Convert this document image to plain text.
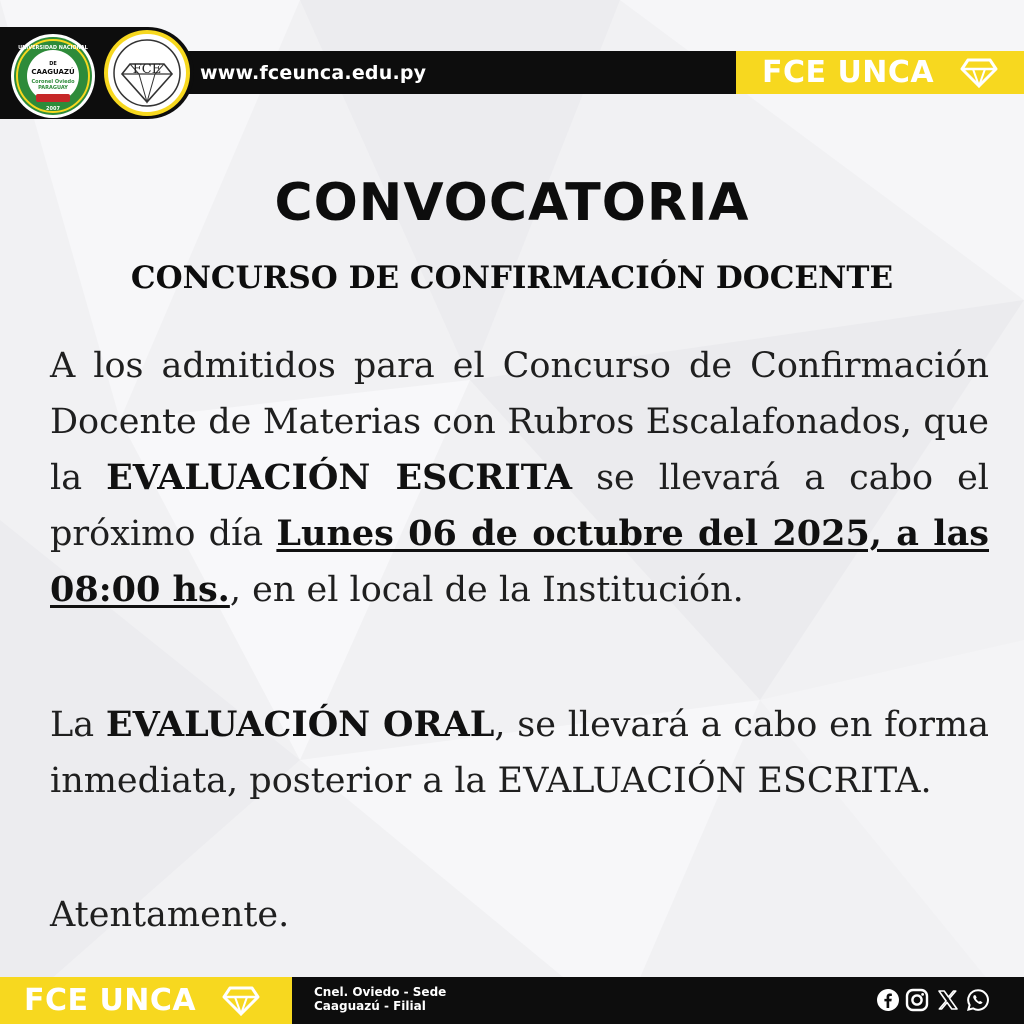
UNIVERSIDAD NACIONAL
DE
CAAGUAZÚ
Coronel Oviedo
PARAGUAY
2007
FCE www.fceunca.edu.py	FCE UNCA
CONVOCATORIA
CONCURSO DE CONFIRMACIÓN DOCENTE
A los admitidos para el Concurso de Confirmación Docente de Materias con Rubros Escalafonados, que la EVALUACIÓN ESCRITA se llevará a cabo el próximo día Lunes 06 de octubre del 2025, a las 08:00 hs., en el local de la Institución.
La EVALUACIÓN ORAL, se llevará a cabo en forma inmediata, posterior a la EVALUACIÓN ESCRITA.
Atentamente.
FCE UNCA	Cnel. Oviedo - Sede
Caaguazú - Filial
